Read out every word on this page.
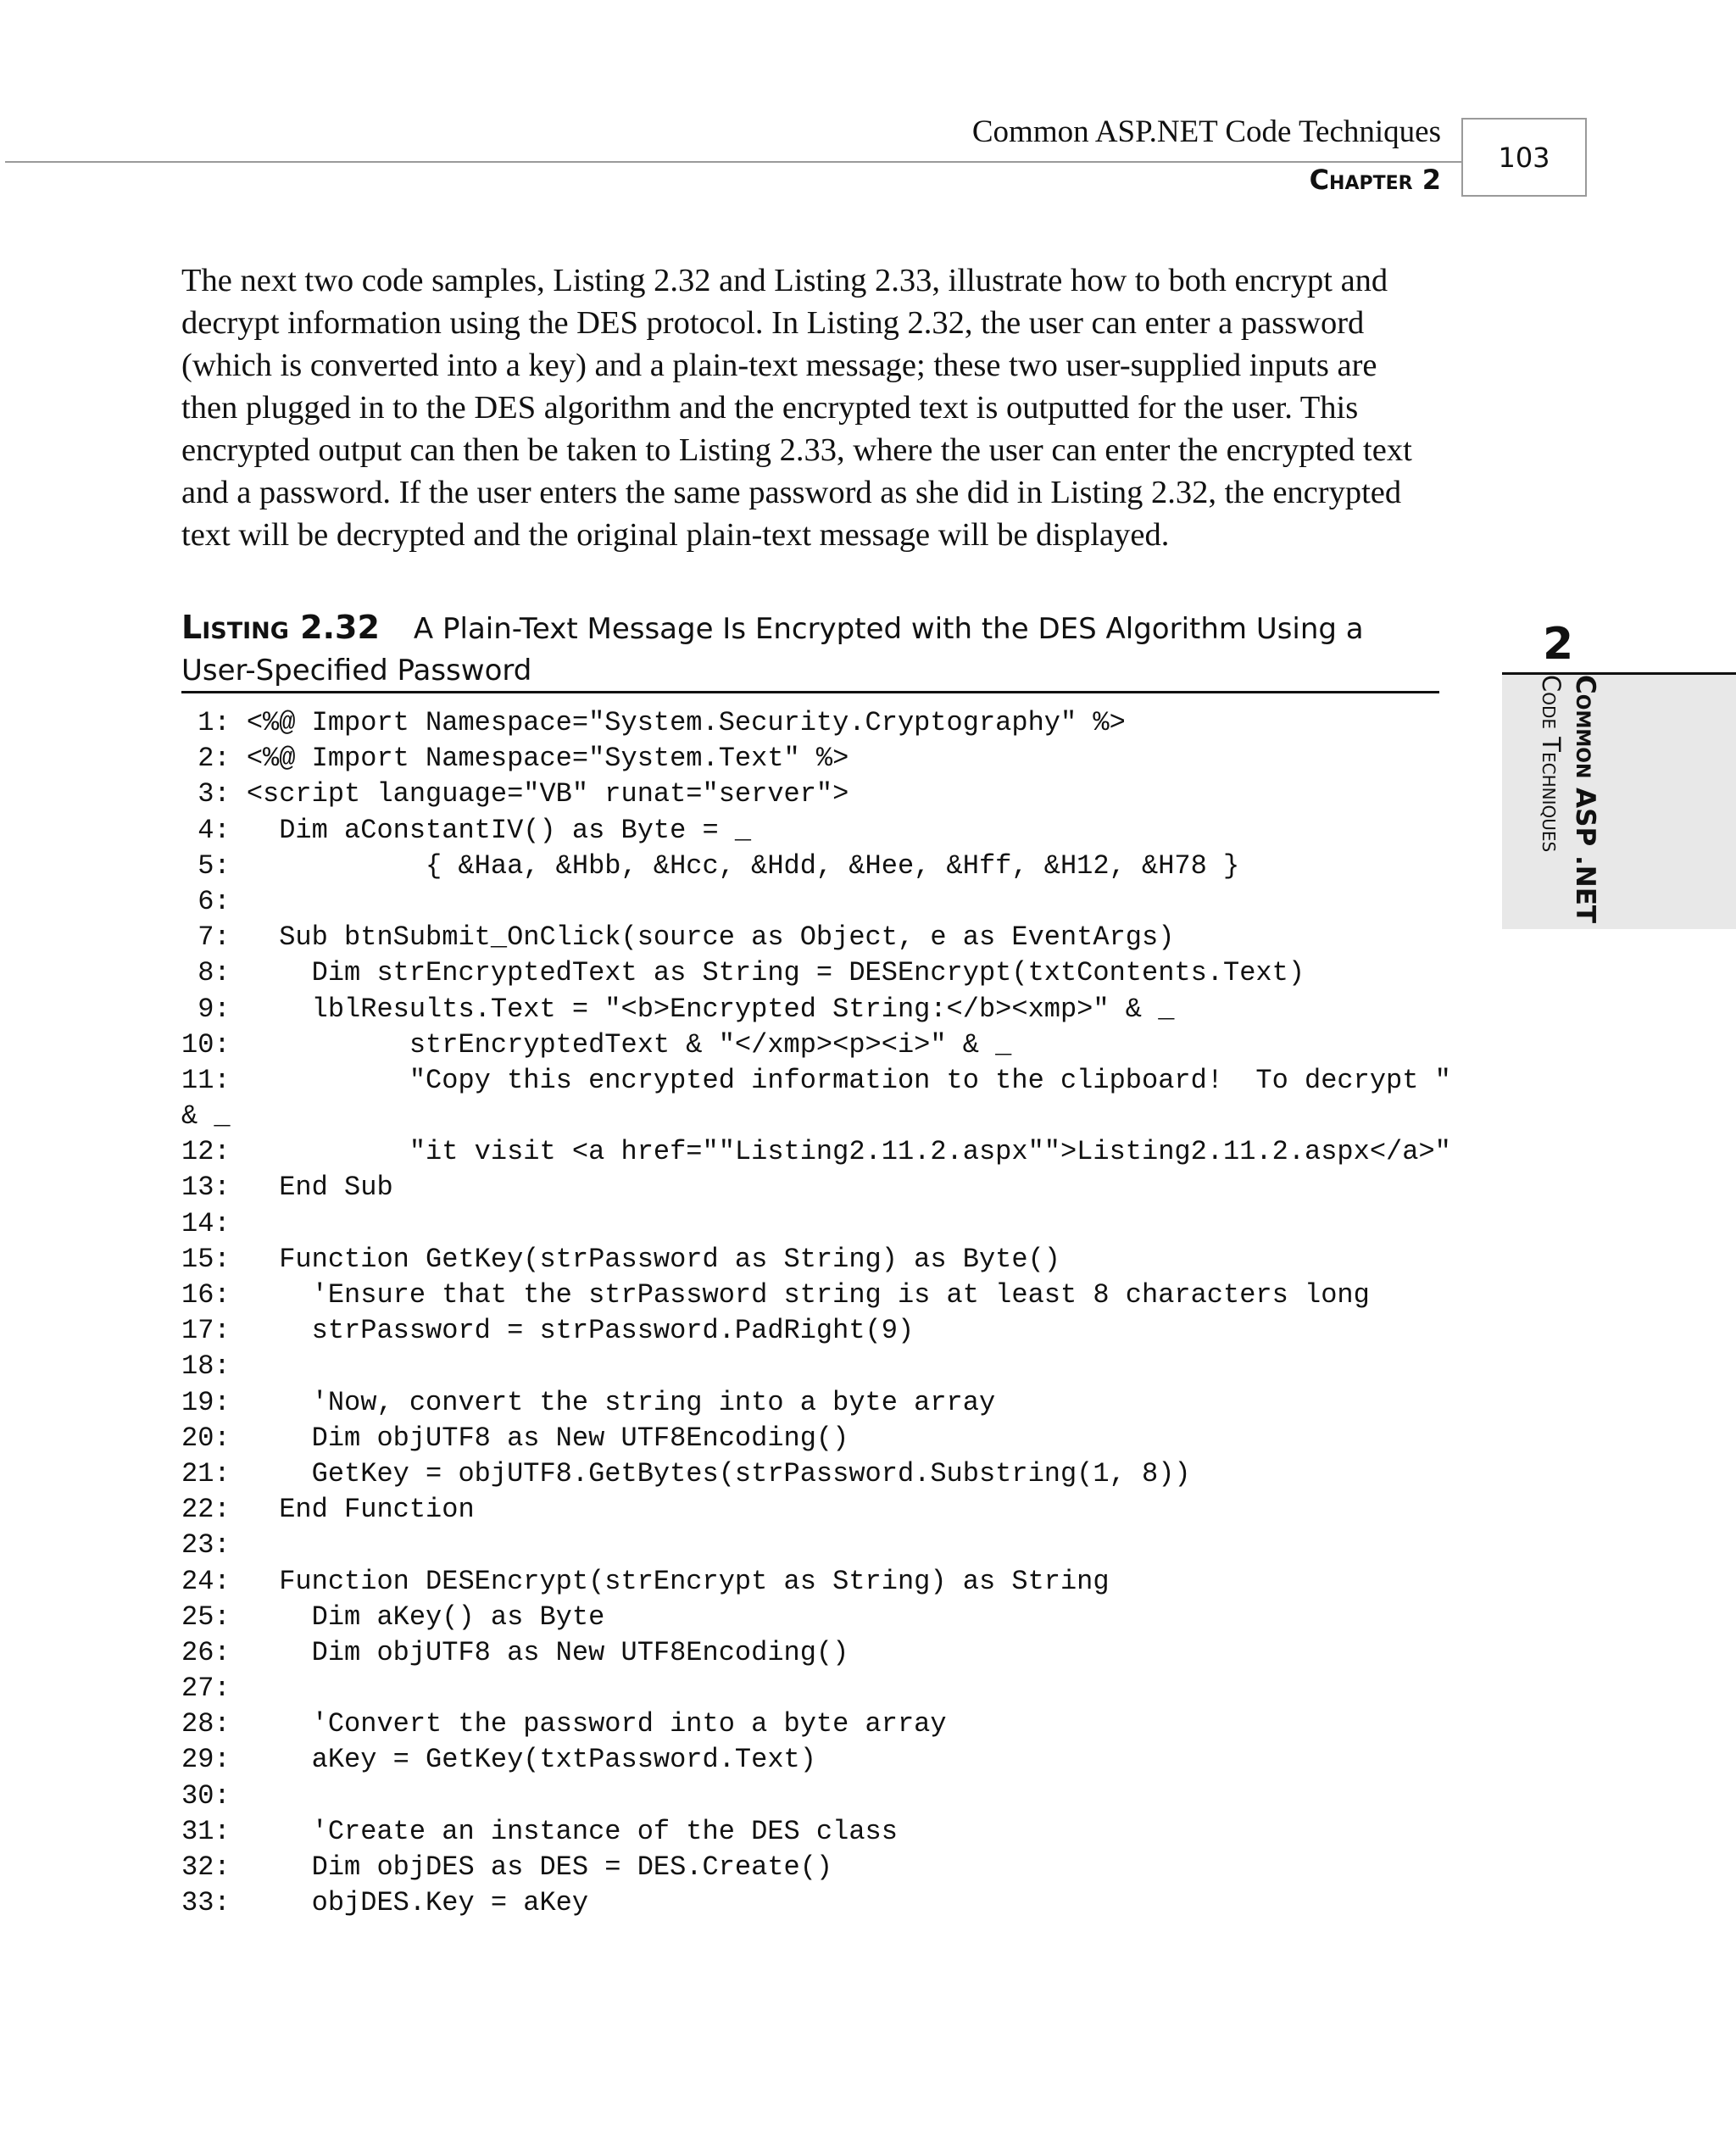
Common ASP.NET Code Techniques
Chapter 2
103
The next two code samples, Listing 2.32 and Listing 2.33, illustrate how to both encrypt and decrypt information using the DES protocol. In Listing 2.32, the user can enter a password (which is converted into a key) and a plain-text message; these two user-supplied inputs are then plugged in to the DES algorithm and the encrypted text is outputted for the user. This encrypted output can then be taken to Listing 2.33, where the user can enter the encrypted text and a password. If the user enters the same password as she did in Listing 2.32, the encrypted text will be decrypted and the original plain-text message will be displayed.
Listing 2.32 A Plain-Text Message Is Encrypted with the DES Algorithm Using a User-Specified Password
2
Common ASP .NET
Code Techniques
1: <%@ Import Namespace="System.Security.Cryptography" %>
2: <%@ Import Namespace="System.Text" %>
3: <script language="VB" runat="server">
4:   Dim aConstantIV() as Byte = _
5:            { &Haa, &Hbb, &Hcc, &Hdd, &Hee, &Hff, &H12, &H78 }
6:
7:   Sub btnSubmit_OnClick(source as Object, e as EventArgs)
8:     Dim strEncryptedText as String = DESEncrypt(txtContents.Text)
9:     lblResults.Text = "<b>Encrypted String:</b><xmp>" & _
10:           strEncryptedText & "</xmp><p><i>" & _
11:           "Copy this encrypted information to the clipboard!  To decrypt "
& _
12:           "it visit <a href=""Listing2.11.2.aspx"">Listing2.11.2.aspx</a>"
13:   End Sub
14:
15:   Function GetKey(strPassword as String) as Byte()
16:     'Ensure that the strPassword string is at least 8 characters long
17:     strPassword = strPassword.PadRight(9)
18:
19:     'Now, convert the string into a byte array
20:     Dim objUTF8 as New UTF8Encoding()
21:     GetKey = objUTF8.GetBytes(strPassword.Substring(1, 8))
22:   End Function
23:
24:   Function DESEncrypt(strEncrypt as String) as String
25:     Dim aKey() as Byte
26:     Dim objUTF8 as New UTF8Encoding()
27:
28:     'Convert the password into a byte array
29:     aKey = GetKey(txtPassword.Text)
30:
31:     'Create an instance of the DES class
32:     Dim objDES as DES = DES.Create()
33:     objDES.Key = aKey
